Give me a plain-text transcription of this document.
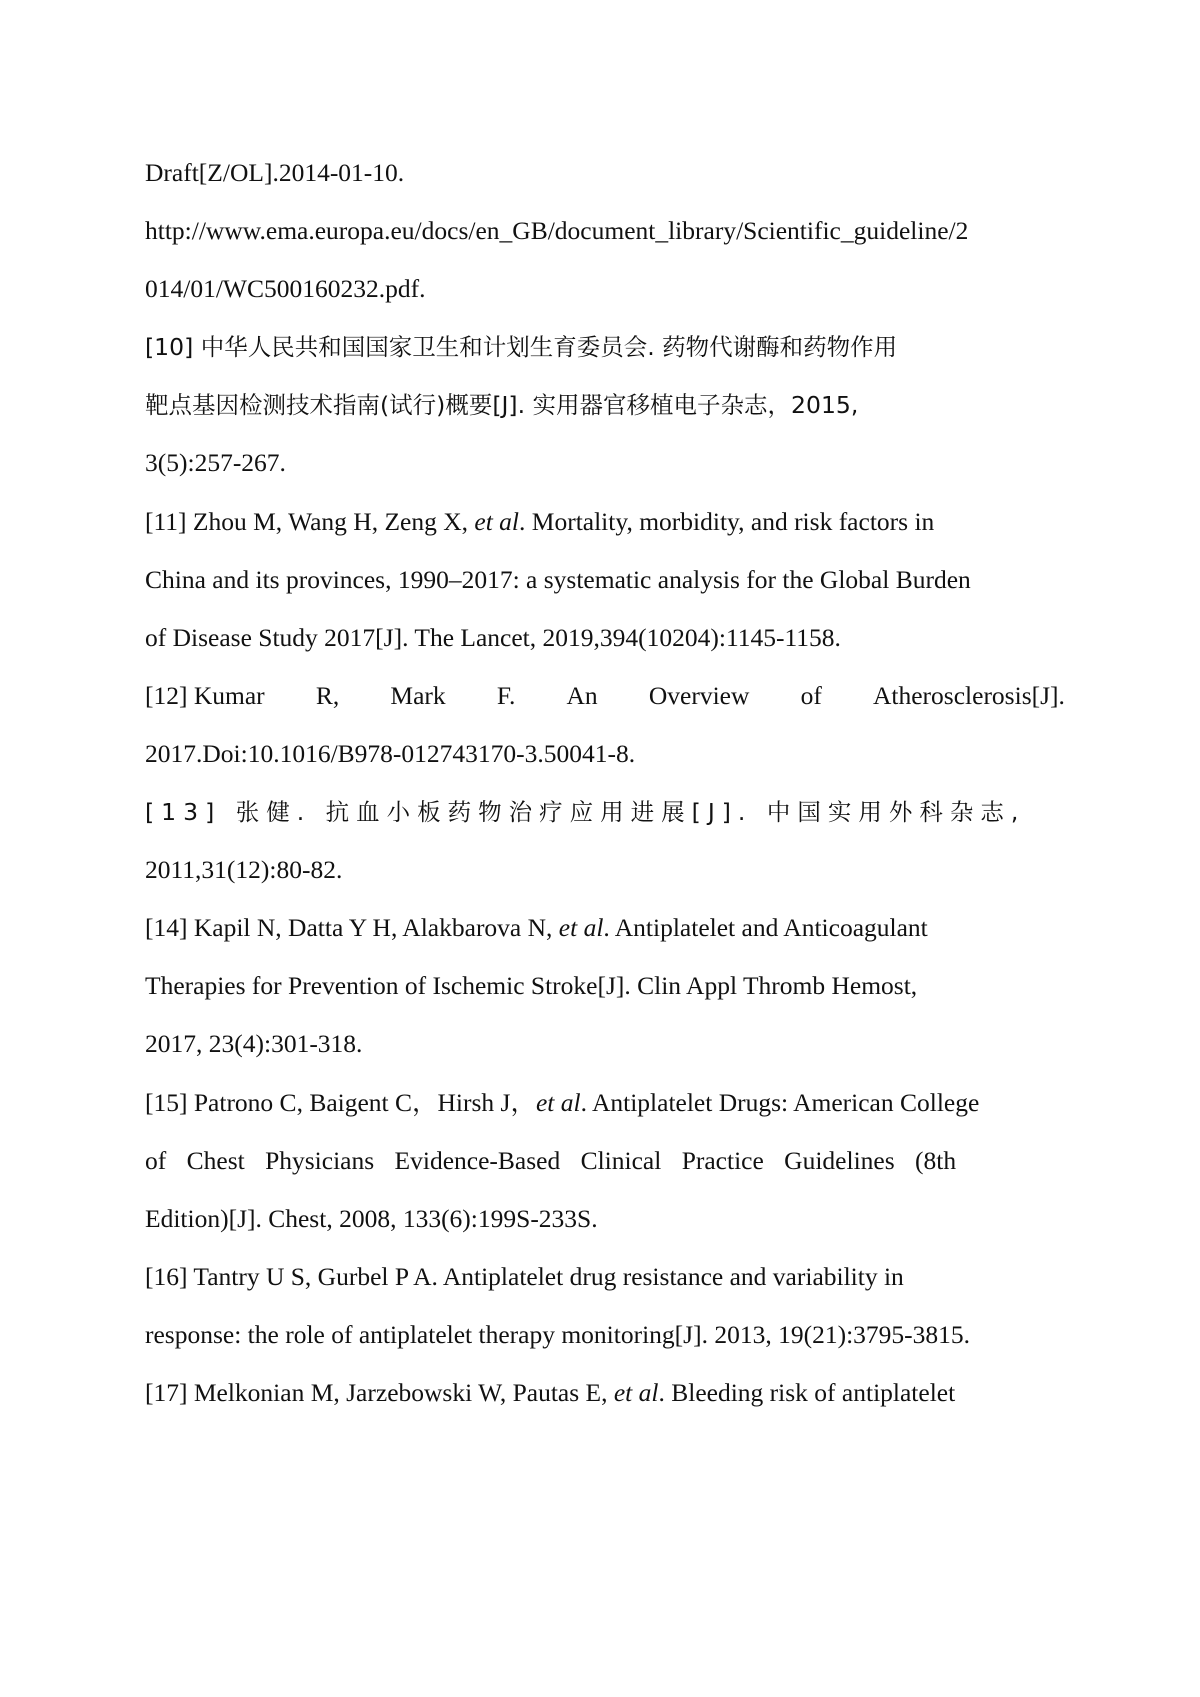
Draft[Z/OL].2014-01-10.
http://www.ema.europa.eu/docs/en_GB/document_library/Scientific_guideline/2
014/01/WC500160232.pdf.
[10] 中华人民共和国国家卫生和计划生育委员会. 药物代谢酶和药物作用
靶点基因检测技术指南(试行)概要[J]. 实用器官移植电子杂志，2015,
3(5):257-267.
[11] Zhou M, Wang H, Zeng X, et al. Mortality, morbidity, and risk factors in
China and its provinces, 1990–2017: a systematic analysis for the Global Burden
of Disease Study 2017[J]. The Lancet, 2019,394(10204):1145-1158.
[12] Kumar R, Mark F. An Overview of Atherosclerosis[J].
2017.Doi:10.1016/B978-012743170-3.50041-8.
[13] 张健. 抗血小板药物治疗应用进展[J]. 中国实用外科杂志,
2011,31(12):80-82.
[14] Kapil N, Datta Y H, Alakbarova N, et al. Antiplatelet and Anticoagulant
Therapies for Prevention of Ischemic Stroke[J]. Clin Appl Thromb Hemost,
2017, 23(4):301-318.
[15] Patrono C, Baigent C，Hirsh J，et al. Antiplatelet Drugs: American College
of Chest Physicians Evidence-Based Clinical Practice Guidelines (8th
Edition)[J]. Chest, 2008, 133(6):199S-233S.
[16] Tantry U S, Gurbel P A. Antiplatelet drug resistance and variability in
response: the role of antiplatelet therapy monitoring[J]. 2013, 19(21):3795-3815.
[17] Melkonian M, Jarzebowski W, Pautas E, et al. Bleeding risk of antiplatelet
